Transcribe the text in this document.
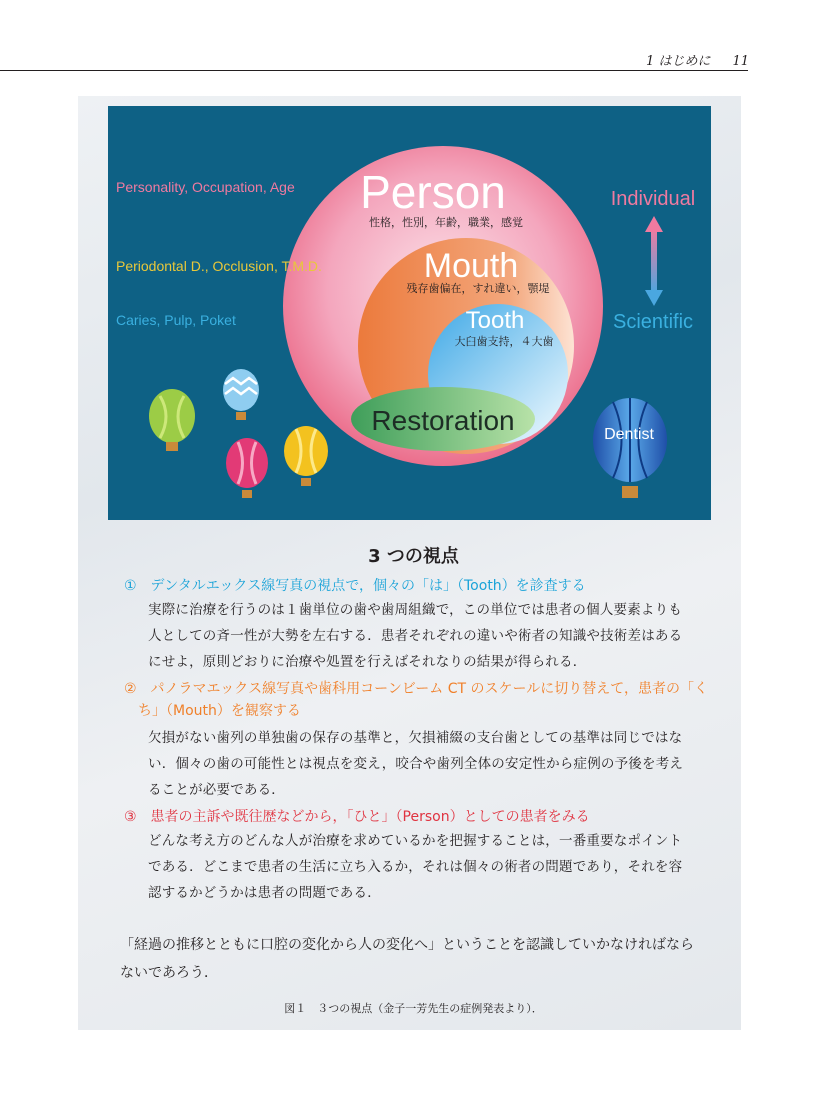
1 はじめに 11
Person
性格，性別，年齢，職業，感覚
Mouth
残存歯偏在，すれ違い，顎堤
Tooth
大臼歯支持，４大歯
Restoration
Personality, Occupation, Age
Periodontal D., Occlusion, T.M.D.
Caries, Pulp, Poket
Individual
Scientific
Dentist
3 つの視点
①　デンタルエックス線写真の視点で，個々の「は」（Tooth）を診査する
実際に治療を行うのは１歯単位の歯や歯周組織で，この単位では患者の個人要素よりも
人としての斉一性が大勢を左右する．患者それぞれの違いや術者の知識や技術差はある
にせよ，原則どおりに治療や処置を行えばそれなりの結果が得られる．
②　パノラマエックス線写真や歯科用コーンビーム CT のスケールに切り替えて，患者の「く
ち」（Mouth）を観察する
欠損がない歯列の単独歯の保存の基準と，欠損補綴の支台歯としての基準は同じではな
い．個々の歯の可能性とは視点を変え，咬合や歯列全体の安定性から症例の予後を考え
ることが必要である．
③　患者の主訴や既往歴などから，「ひと」（Person）としての患者をみる
どんな考え方のどんな人が治療を求めているかを把握することは，一番重要なポイント
である．どこまで患者の生活に立ち入るか，それは個々の術者の問題であり，それを容
認するかどうかは患者の問題である．
「経過の推移とともに口腔の変化から人の変化へ」ということを認識していかなければなら
ないであろう．
図１　３つの視点（金子一芳先生の症例発表より）．
